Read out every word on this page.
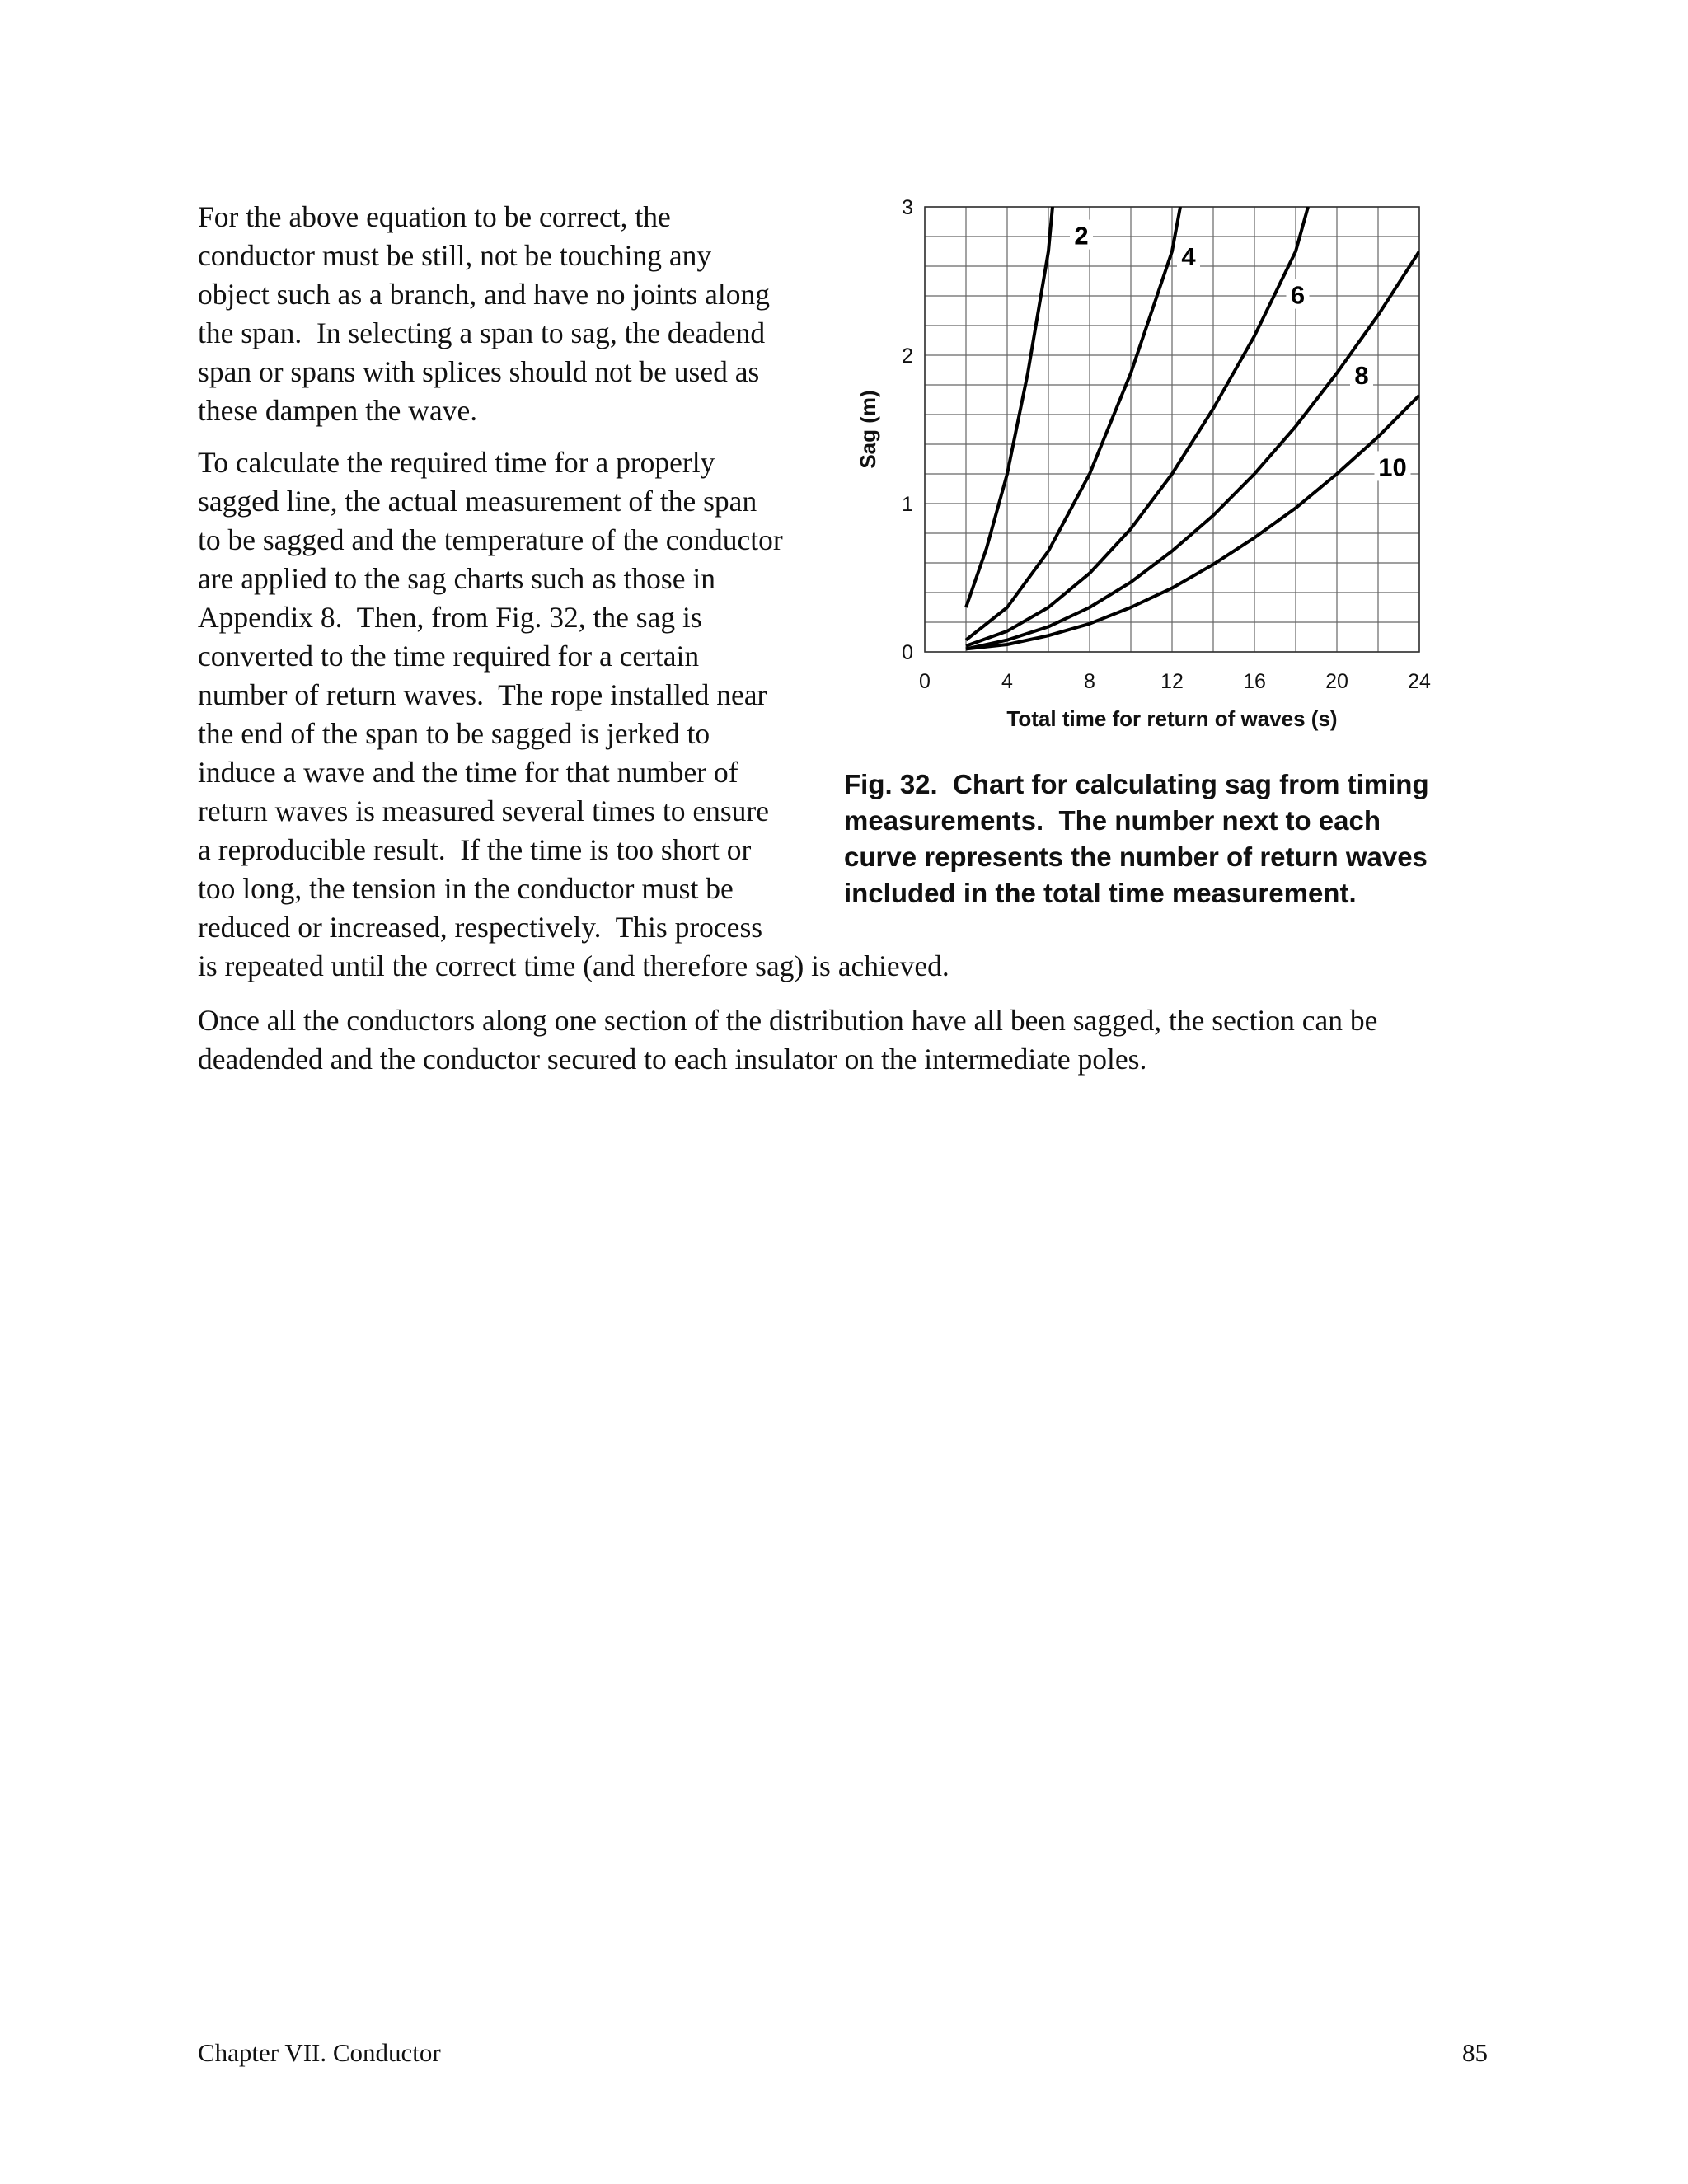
For the above equation to be correct, the
conductor must be still, not be touching any
object such as a branch, and have no joints along
the span.  In selecting a span to sag, the deadend
span or spans with splices should not be used as
these dampen the wave.

To calculate the required time for a properly
sagged line, the actual measurement of the span
to be sagged and the temperature of the conductor
are applied to the sag charts such as those in
Appendix 8.  Then, from Fig. 32, the sag is
converted to the time required for a certain
number of return waves.  The rope installed near
the end of the span to be sagged is jerked to
induce a wave and the time for that number of
return waves is measured several times to ensure
a reproducible result.  If the time is too short or
too long, the tension in the conductor must be
reduced or increased, respectively.  This process
is repeated until the correct time (and therefore sag) is achieved.

Once all the conductors along one section of the distribution have all been sagged, the section can be
deadended and the conductor secured to each insulator on the intermediate poles.

0	4	8	12	16	20	24
0
1
2
3
Total time for return of waves (s)
Sag (m)
2
4
6
8
10

Fig. 32.  Chart for calculating sag from timing
measurements.  The number next to each
curve represents the number of return waves
included in the total time measurement.

Chapter VII. Conductor	85
